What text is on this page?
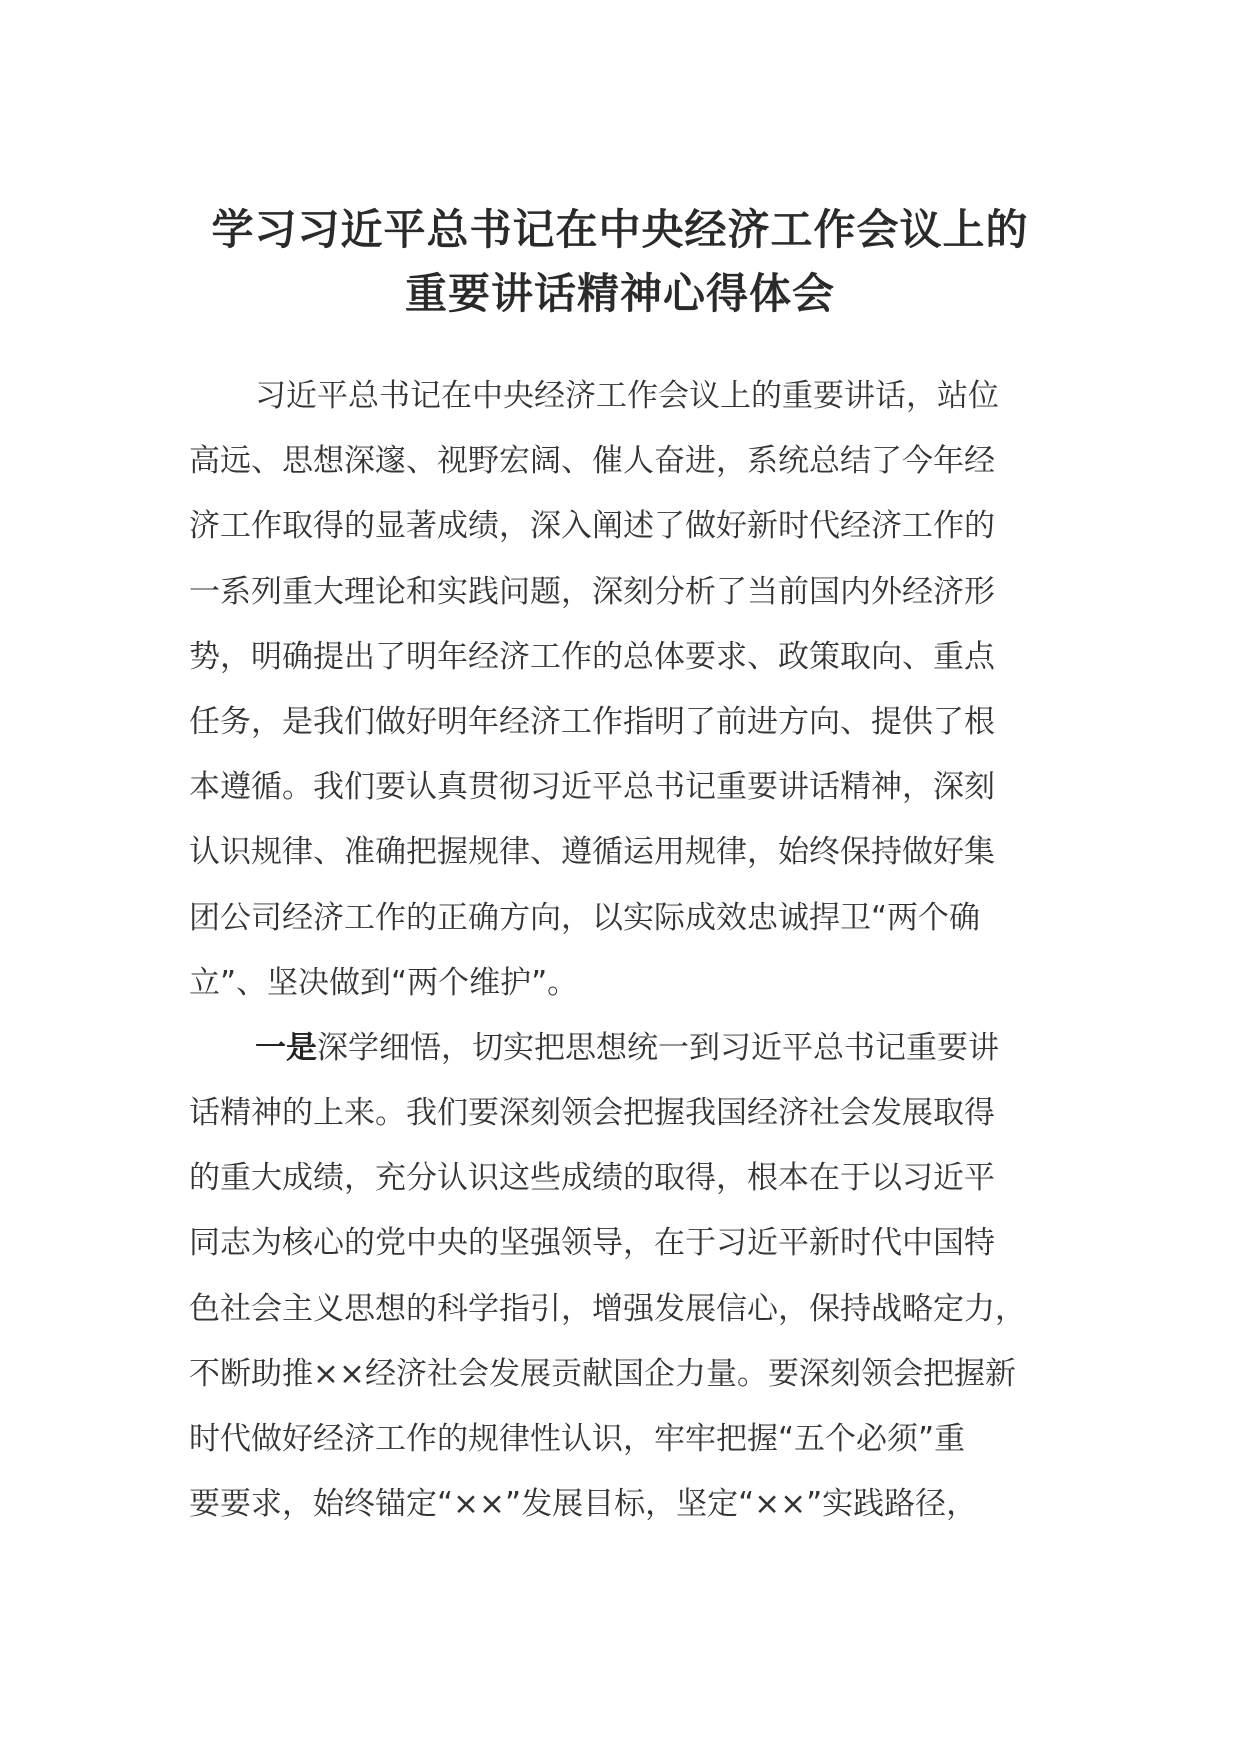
学习习近平总书记在中央经济工作会议上的
重要讲话精神心得体会
习近平总书记在中央经济工作会议上的重要讲话，站位
高远、思想深邃、视野宏阔、催人奋进，系统总结了今年经
济工作取得的显著成绩，深入阐述了做好新时代经济工作的
一系列重大理论和实践问题，深刻分析了当前国内外经济形
势，明确提出了明年经济工作的总体要求、政策取向、重点
任务，是我们做好明年经济工作指明了前进方向、提供了根
本遵循。我们要认真贯彻习近平总书记重要讲话精神，深刻
认识规律、准确把握规律、遵循运用规律，始终保持做好集
团公司经济工作的正确方向，以实际成效忠诚捍卫“两个确
立”、坚决做到“两个维护”。
一是深学细悟，切实把思想统一到习近平总书记重要讲
话精神的上来。我们要深刻领会把握我国经济社会发展取得
的重大成绩，充分认识这些成绩的取得，根本在于以习近平
同志为核心的党中央的坚强领导，在于习近平新时代中国特
色社会主义思想的科学指引，增强发展信心，保持战略定力，
不断助推××经济社会发展贡献国企力量。要深刻领会把握新
时代做好经济工作的规律性认识，牢牢把握“五个必须”重
要要求，始终锚定“××”发展目标，坚定“××”实践路径，
